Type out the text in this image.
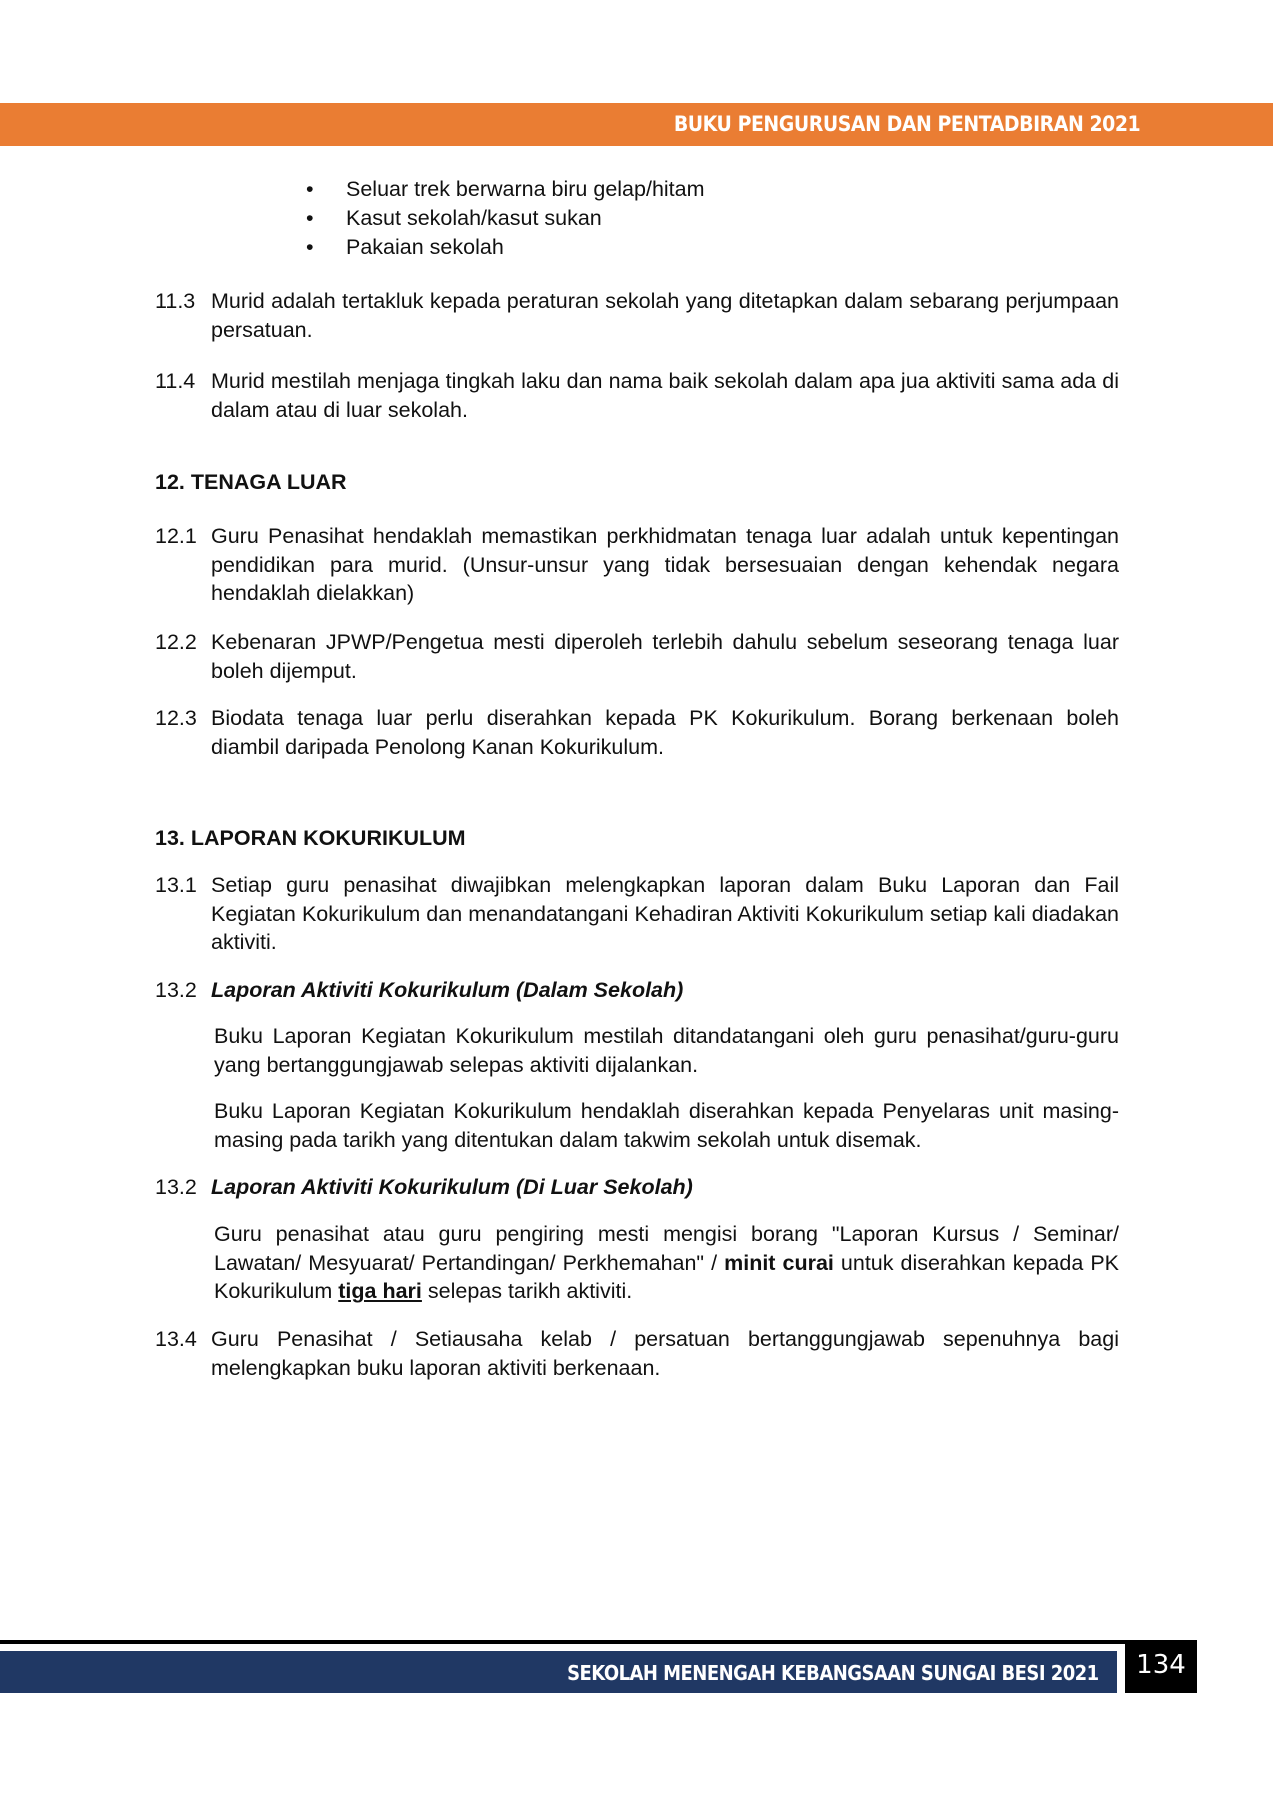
BUKU PENGURUSAN DAN PENTADBIRAN 2021
• Seluar trek berwarna biru gelap/hitam
• Kasut sekolah/kasut sukan
• Pakaian sekolah
11.3 Murid adalah tertakluk kepada peraturan sekolah yang ditetapkan dalam sebarang perjumpaan persatuan.
11.4 Murid mestilah menjaga tingkah laku dan nama baik sekolah dalam apa jua aktiviti sama ada di dalam atau di luar sekolah.
12. TENAGA LUAR
12.1 Guru Penasihat hendaklah memastikan perkhidmatan tenaga luar adalah untuk kepentingan pendidikan para murid. (Unsur-unsur yang tidak bersesuaian dengan kehendak negara hendaklah dielakkan)
12.2 Kebenaran JPWP/Pengetua mesti diperoleh terlebih dahulu sebelum seseorang tenaga luar boleh dijemput.
12.3 Biodata tenaga luar perlu diserahkan kepada PK Kokurikulum. Borang berkenaan boleh diambil daripada Penolong Kanan Kokurikulum.
13. LAPORAN KOKURIKULUM
13.1 Setiap guru penasihat diwajibkan melengkapkan laporan dalam Buku Laporan dan Fail Kegiatan Kokurikulum dan menandatangani Kehadiran Aktiviti Kokurikulum setiap kali diadakan aktiviti.
13.2 Laporan Aktiviti Kokurikulum (Dalam Sekolah)
Buku Laporan Kegiatan Kokurikulum mestilah ditandatangani oleh guru penasihat/guru-guru yang bertanggungjawab selepas aktiviti dijalankan.
Buku Laporan Kegiatan Kokurikulum hendaklah diserahkan kepada Penyelaras unit masing-masing pada tarikh yang ditentukan dalam takwim sekolah untuk disemak.
13.2 Laporan Aktiviti Kokurikulum (Di Luar Sekolah)
Guru penasihat atau guru pengiring mesti mengisi borang "Laporan Kursus / Seminar/ Lawatan/ Mesyuarat/ Pertandingan/ Perkhemahan" / minit curai untuk diserahkan kepada PK Kokurikulum tiga hari selepas tarikh aktiviti.
13.4 Guru Penasihat / Setiausaha kelab / persatuan bertanggungjawab sepenuhnya bagi melengkapkan buku laporan aktiviti berkenaan.
SEKOLAH MENENGAH KEBANGSAAN SUNGAI BESI 2021	134
